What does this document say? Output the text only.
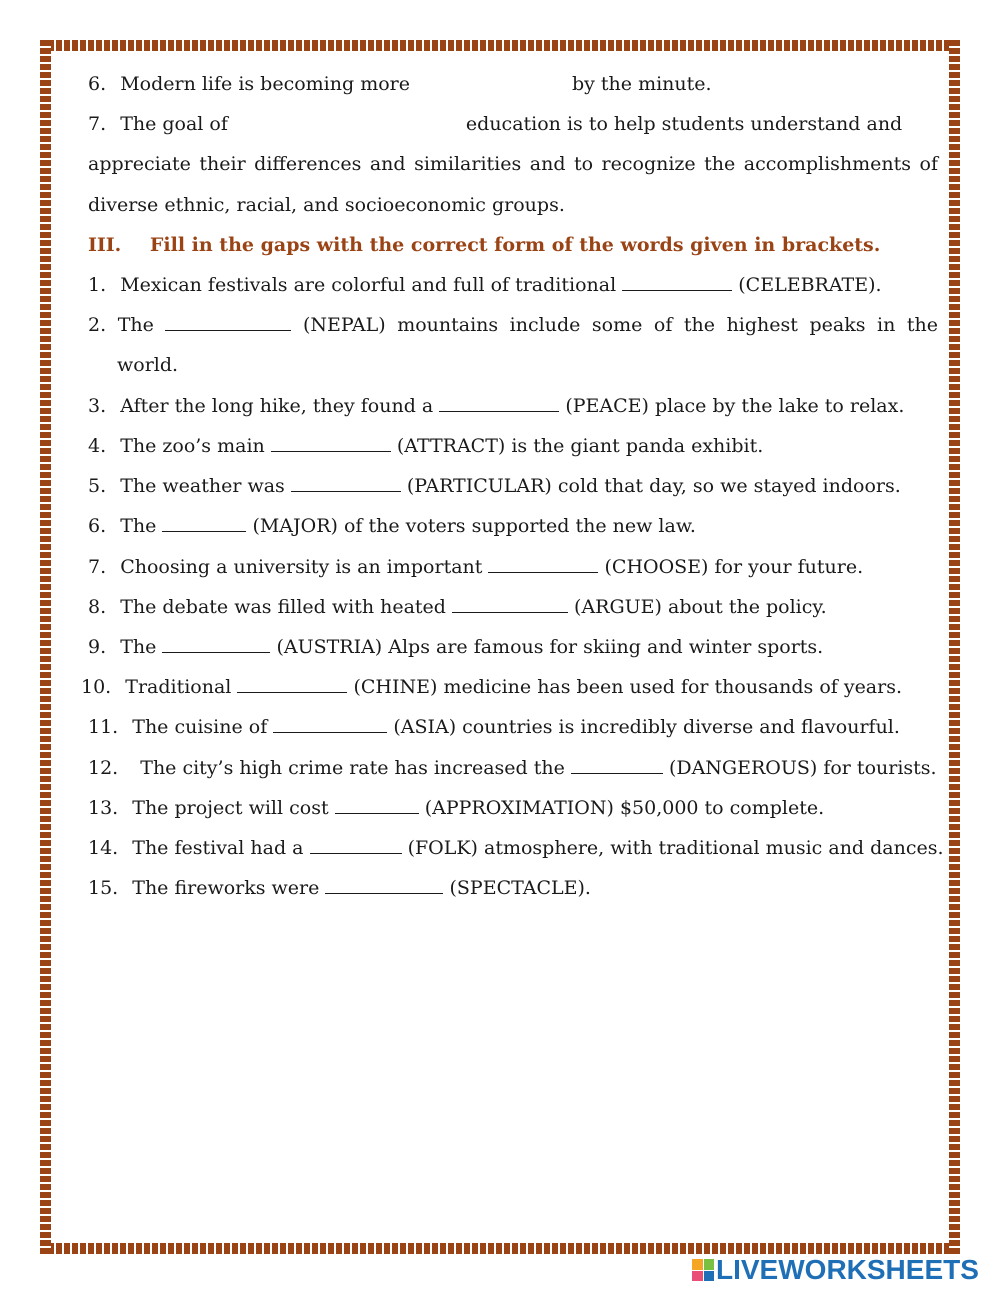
6. Modern life is becoming more	by the minute.
7. The goal of	education is to help students understand and
appreciate their differences and similarities and to recognize the accomplishments of
diverse ethnic, racial, and socioeconomic groups.
III. Fill in the gaps with the correct form of the words given in brackets.
1. Mexican festivals are colorful and full of traditional	(CELEBRATE).
2. The	(NEPAL) mountains include some of the highest peaks in the
world.
3. After the long hike, they found a	(PEACE) place by the lake to relax.
4. The zoo’s main	(ATTRACT) is the giant panda exhibit.
5. The weather was	(PARTICULAR) cold that day, so we stayed indoors.
6. The	(MAJOR) of the voters supported the new law.
7. Choosing a university is an important	(CHOOSE) for your future.
8. The debate was filled with heated	(ARGUE) about the policy.
9. The	(AUSTRIA) Alps are famous for skiing and winter sports.
10. Traditional	(CHINE) medicine has been used for thousands of years.
11. The cuisine of	(ASIA) countries is incredibly diverse and flavourful.
12. The city’s high crime rate has increased the	(DANGEROUS) for tourists.
13. The project will cost	(APPROXIMATION) $50,000 to complete.
14. The festival had a	(FOLK) atmosphere, with traditional music and dances.
15. The fireworks were	(SPECTACLE).
LIVEWORKSHEETS
